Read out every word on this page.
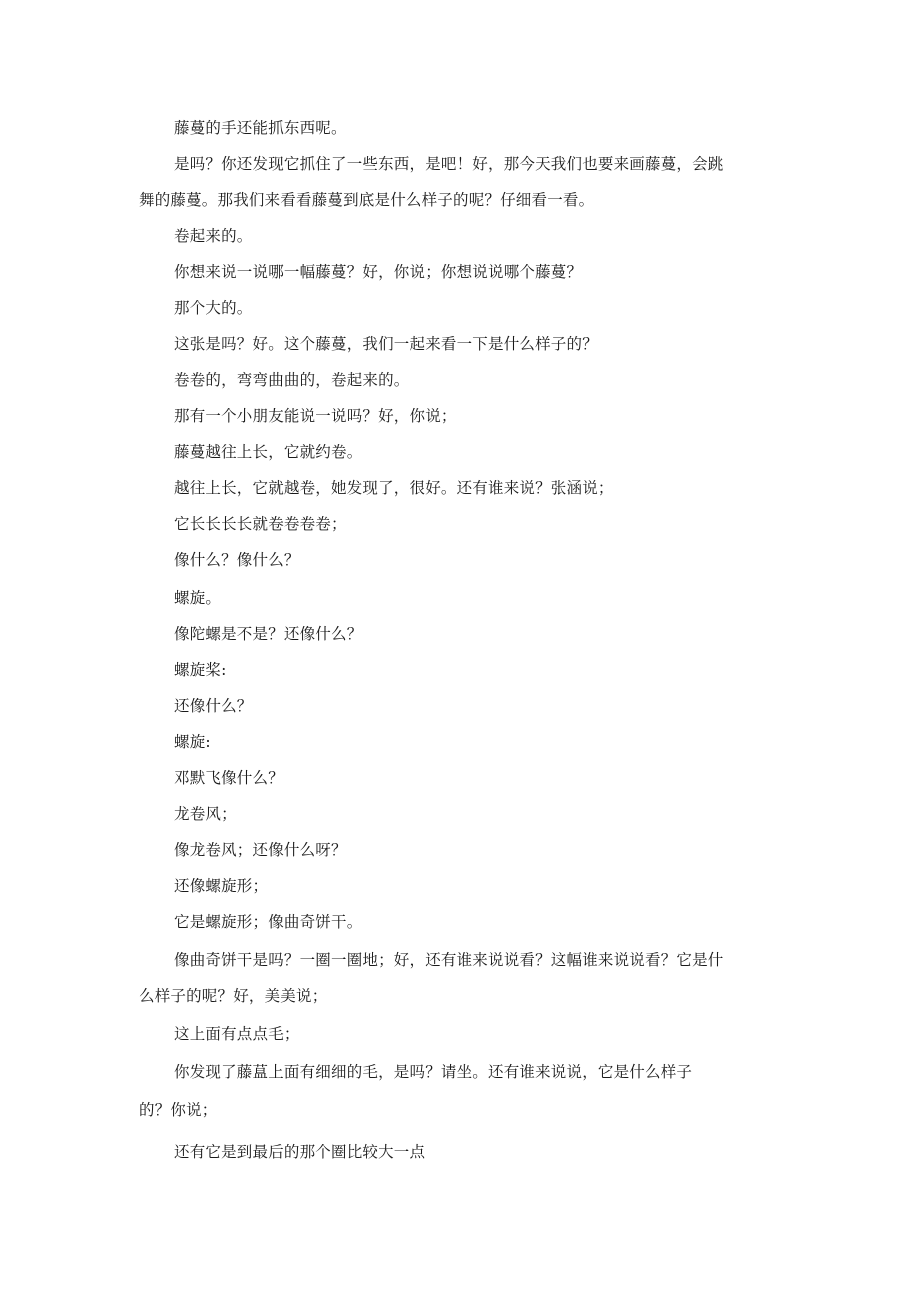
藤蔓的手还能抓东西呢。
是吗？你还发现它抓住了一些东西，是吧！好，那今天我们也要来画藤蔓，会跳
舞的藤蔓。那我们来看看藤蔓到底是什么样子的呢？仔细看一看。
卷起来的。
你想来说一说哪一幅藤蔓？好，你说；你想说说哪个藤蔓？
那个大的。
这张是吗？好。这个藤蔓，我们一起来看一下是什么样子的？
卷卷的，弯弯曲曲的，卷起来的。
那有一个小朋友能说一说吗？好，你说；
藤蔓越往上长，它就约卷。
越往上长，它就越卷，她发现了，很好。还有谁来说？张涵说；
它长长长长就卷卷卷卷；
像什么？像什么？
螺旋。
像陀螺是不是？还像什么？
螺旋桨:
还像什么？
螺旋:
邓默飞像什么？
龙卷风；
像龙卷风；还像什么呀？
还像螺旋形；
它是螺旋形；像曲奇饼干。
像曲奇饼干是吗？一圈一圈地；好，还有谁来说说看？这幅谁来说说看？它是什
么样子的呢？好，美美说；
这上面有点点毛；
你发现了藤蒀上面有细细的毛，是吗？请坐。还有谁来说说，它是什么样子
的？你说；
还有它是到最后的那个圈比较大一点
